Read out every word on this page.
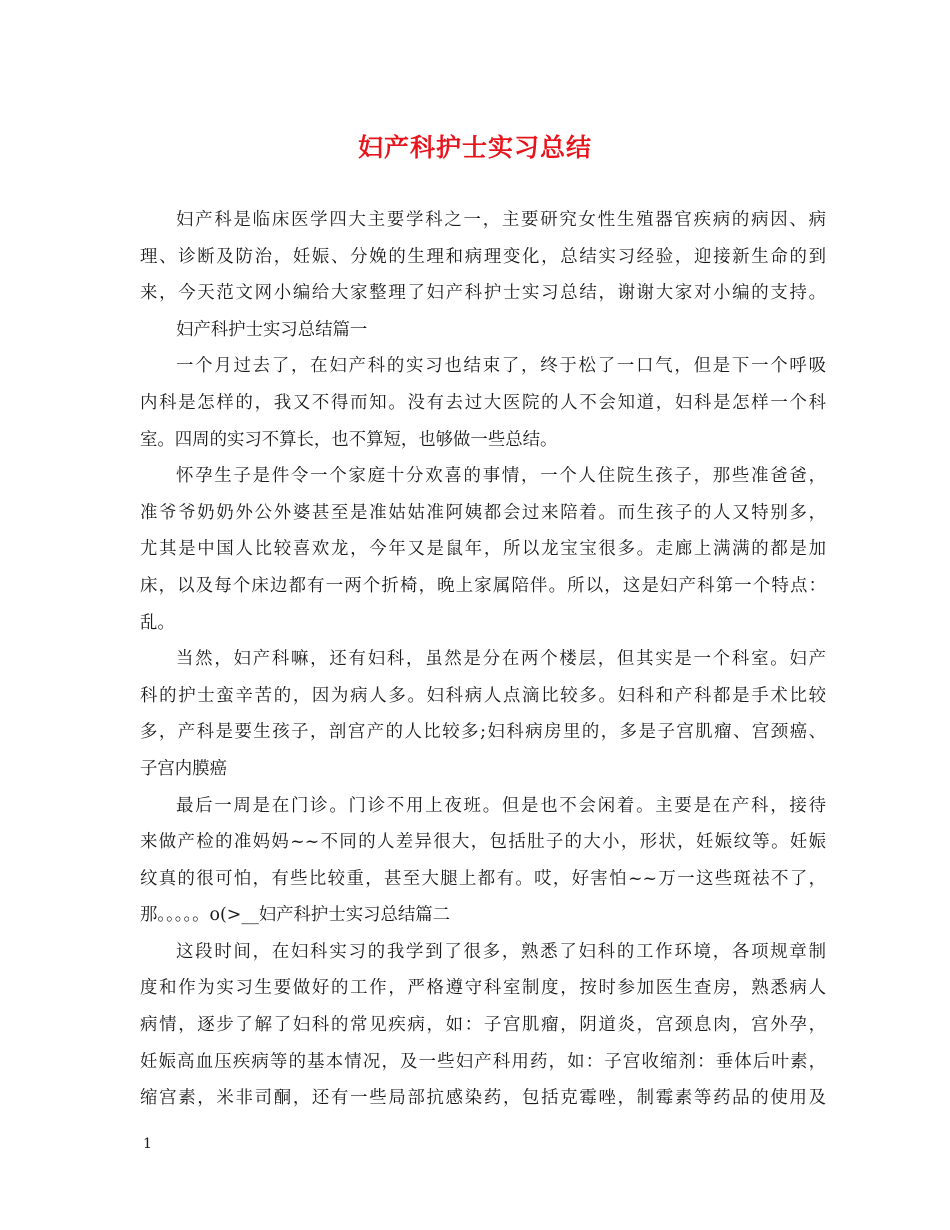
妇产科护士实习总结
妇产科是临床医学四大主要学科之一，主要研究女性生殖器官疾病的病因、病
理、诊断及防治，妊娠、分娩的生理和病理变化，总结实习经验，迎接新生命的到
来，今天范文网小编给大家整理了妇产科护士实习总结，谢谢大家对小编的支持。
妇产科护士实习总结篇一
一个月过去了，在妇产科的实习也结束了，终于松了一口气，但是下一个呼吸
内科是怎样的，我又不得而知。没有去过大医院的人不会知道，妇科是怎样一个科
室。四周的实习不算长，也不算短，也够做一些总结。
怀孕生子是件令一个家庭十分欢喜的事情，一个人住院生孩子，那些准爸爸，
准爷爷奶奶外公外婆甚至是准姑姑准阿姨都会过来陪着。而生孩子的人又特别多，
尤其是中国人比较喜欢龙，今年又是鼠年，所以龙宝宝很多。走廊上满满的都是加
床，以及每个床边都有一两个折椅，晚上家属陪伴。所以，这是妇产科第一个特点：
乱。
当然，妇产科嘛，还有妇科，虽然是分在两个楼层，但其实是一个科室。妇产
科的护士蛮辛苦的，因为病人多。妇科病人点滴比较多。妇科和产科都是手术比较
多，产科是要生孩子，剖宫产的人比较多;妇科病房里的，多是子宫肌瘤、宫颈癌、
子宫内膜癌
最后一周是在门诊。门诊不用上夜班。但是也不会闲着。主要是在产科，接待
来做产检的准妈妈~~不同的人差异很大，包括肚子的大小，形状，妊娠纹等。妊娠
纹真的很可怕，有些比较重，甚至大腿上都有。哎，好害怕~~万一这些斑祛不了，
那。。。。。o(>__妇产科护士实习总结篇二
这段时间，在妇科实习的我学到了很多，熟悉了妇科的工作环境，各项规章制
度和作为实习生要做好的工作，严格遵守科室制度，按时参加医生查房，熟悉病人
病情，逐步了解了妇科的常见疾病，如：子宫肌瘤，阴道炎，宫颈息肉，宫外孕，
妊娠高血压疾病等的基本情况，及一些妇产科用药，如：子宫收缩剂：垂体后叶素，
缩宫素，米非司酮，还有一些局部抗感染药，包括克霉唑，制霉素等药品的使用及
1
